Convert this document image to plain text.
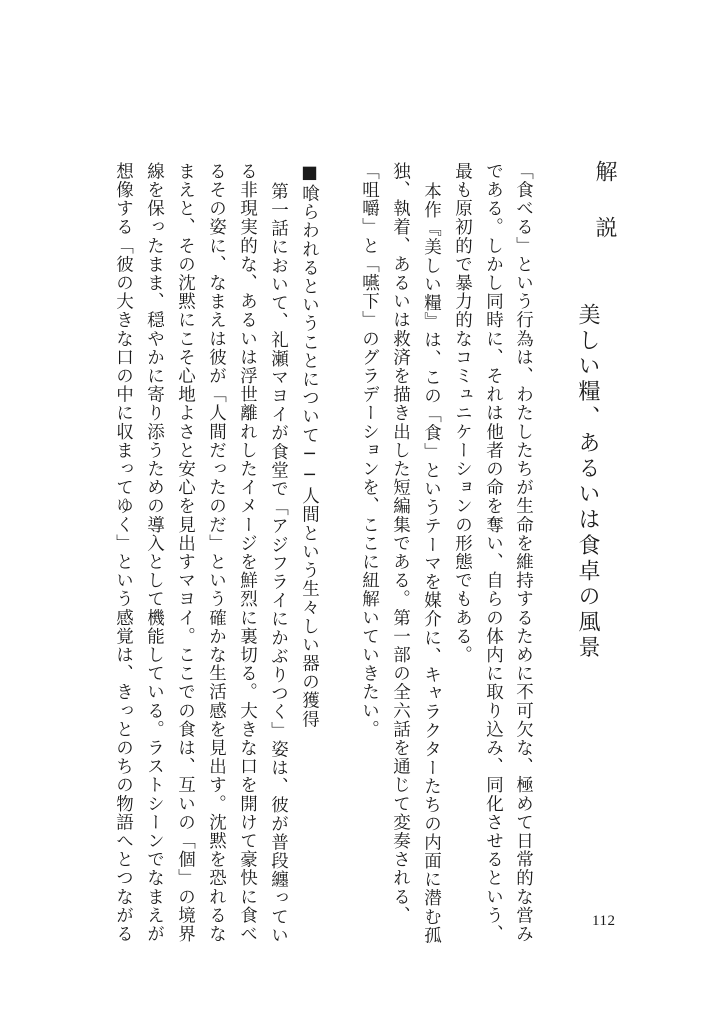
解説
美しい糧、あるいは食卓の風景
「食べる」という行為は、わたしたちが生命を維持するために不可欠な、極めて日常的な営み
である。しかし同時に、それは他者の命を奪い、自らの体内に取り込み、同化させるという、
最も原初的で暴力的なコミュニケーションの形態でもある。
本作『美しい糧』は、この「食」というテーマを媒介に、キャラクターたちの内面に潜む孤
独、執着、あるいは救済を描き出した短編集である。第一部の全六話を通じて変奏される、
「咀嚼」と「嚥下」のグラデーションを、ここに紐解いていきたい。
■喰らわれるということについて──人間という生々しい器の獲得
第一話において、礼瀬マヨイが食堂で「アジフライにかぶりつく」姿は、彼が普段纏ってい
る非現実的な、あるいは浮世離れしたイメージを鮮烈に裏切る。大きな口を開けて豪快に食べ
るその姿に、なまえは彼が「人間だったのだ」という確かな生活感を見出す。沈黙を恐れるな
まえと、その沈黙にこそ心地よさと安心を見出すマヨイ。ここでの食は、互いの「個」の境界
線を保ったまま、穏やかに寄り添うための導入として機能している。ラストシーンでなまえが
想像する「彼の大きな口の中に収まってゆく」という感覚は、きっとのちの物語へとつながる	112
